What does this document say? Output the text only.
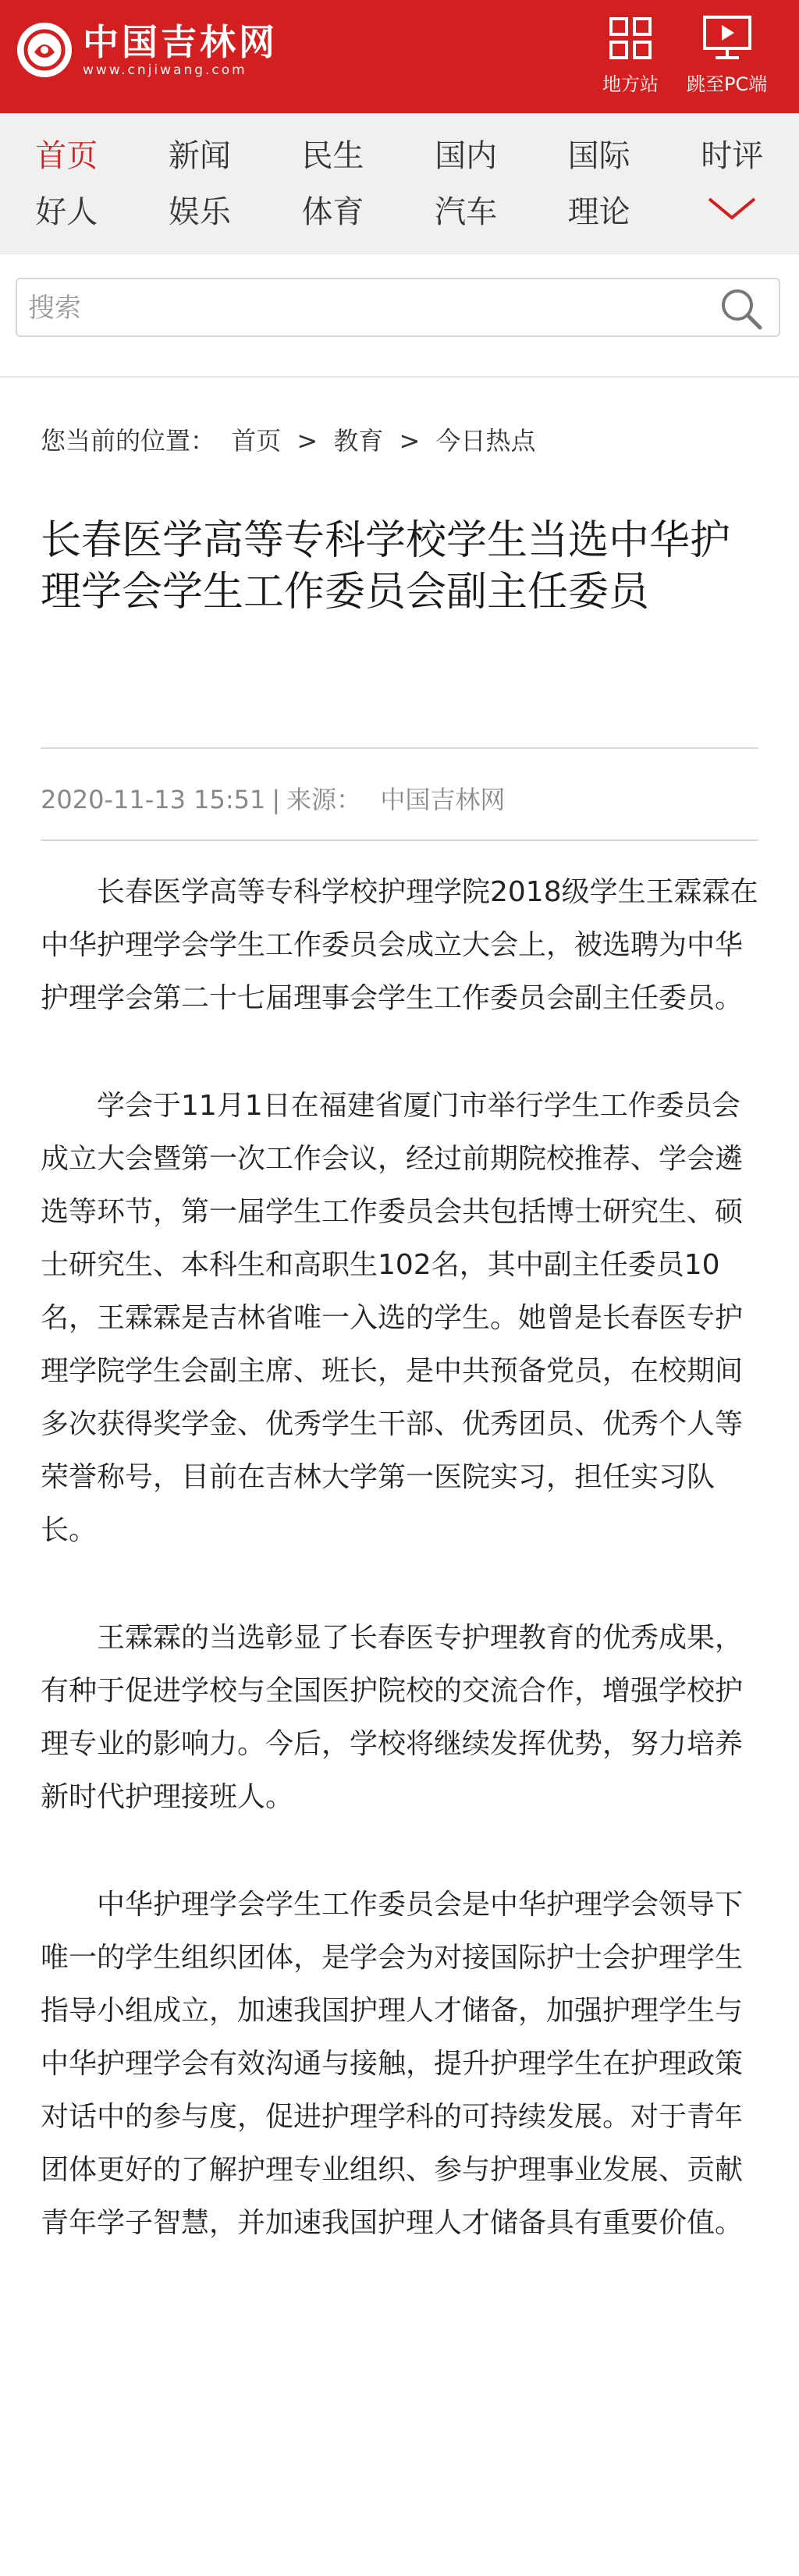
中国吉林网
www.cnjiwang.com
地方站 跳至PC端
首页	新闻	民生	国内	国际	时评
好人	娱乐	体育	汽车	理论
搜索
您当前的位置： 首页 > 教育 > 今日热点
长春医学高等专科学校学生当选中华护理学会学生工作委员会副主任委员
2020-11-13 15:51 | 来源： 中国吉林网

长春医学高等专科学校护理学院2018级学生王霖霖在中华护理学会学生工作委员会成立大会上，被选聘为中华护理学会第二十七届理事会学生工作委员会副主任委员。

学会于11月1日在福建省厦门市举行学生工作委员会成立大会暨第一次工作会议，经过前期院校推荐、学会遴选等环节，第一届学生工作委员会共包括博士研究生、硕士研究生、本科生和高职生102名，其中副主任委员10名，王霖霖是吉林省唯一入选的学生。她曾是长春医专护理学院学生会副主席、班长，是中共预备党员，在校期间多次获得奖学金、优秀学生干部、优秀团员、优秀个人等荣誉称号，目前在吉林大学第一医院实习，担任实习队长。

王霖霖的当选彰显了长春医专护理教育的优秀成果，有种于促进学校与全国医护院校的交流合作，增强学校护理专业的影响力。今后，学校将继续发挥优势，努力培养新时代护理接班人。

中华护理学会学生工作委员会是中华护理学会领导下唯一的学生组织团体，是学会为对接国际护士会护理学生指导小组成立，加速我国护理人才储备，加强护理学生与中华护理学会有效沟通与接触，提升护理学生在护理政策对话中的参与度，促进护理学科的可持续发展。对于青年团体更好的了解护理专业组织、参与护理事业发展、贡献青年学子智慧，并加速我国护理人才储备具有重要价值。
